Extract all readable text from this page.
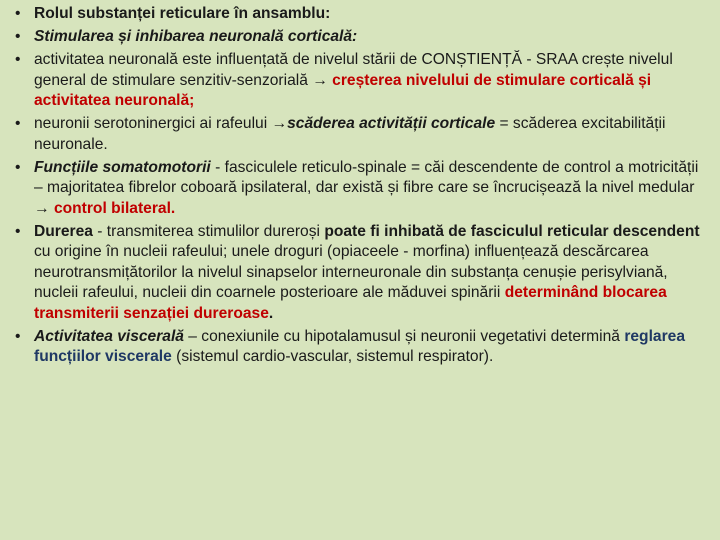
• Rolul substanței reticulare în ansamblu:
• Stimularea și inhibarea neuronală corticală:
• activitatea neuronală este influențată de nivelul stării de CONȘTIENȚĂ - SRAA crește nivelul general de stimulare senzitiv-senzorială → creșterea nivelului de stimulare corticală și activitatea neuronală;
• neuronii serotoninergici ai rafeului →scăderea activității corticale = scăderea excitabilității neuronale.
• Funcțiile somatomotorii - fasciculele reticulo-spinale = căi descendente de control a motricității – majoritatea fibrelor coboară ipsilateral, dar există și fibre care se încrucișează la nivel medular → control bilateral.
• Durerea - transmiterea stimulilor dureroși poate fi inhibată de fasciculul reticular descendent cu origine în nucleii rafeului; unele droguri (opiaceele - morfina) influențează descărcarea neurotransmițătorilor la nivelul sinapselor interneuronale din substanța cenușie perisylviană, nucleii rafeului, nucleii din coarnele posterioare ale măduvei spinării determinând blocarea transmiterii senzației dureroase.
• Activitatea viscerală – conexiunile cu hipotalamusul și neuronii vegetativi determină reglarea funcțiilor viscerale (sistemul cardio-vascular, sistemul respirator).
